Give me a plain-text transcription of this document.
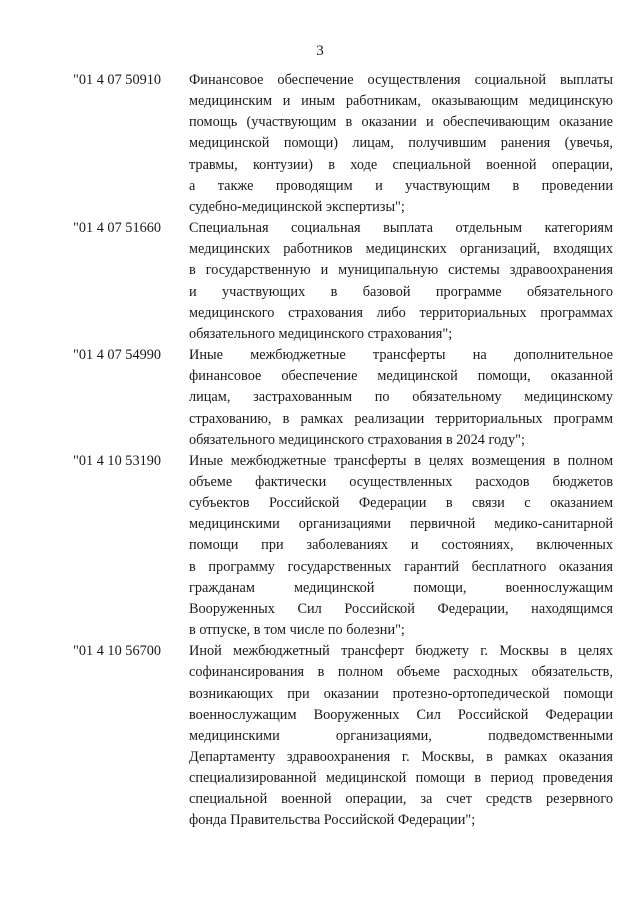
3
"01 4 07 50910 Финансовое обеспечение осуществления социальной выплаты
медицинским и иным работникам, оказывающим медицинскую
помощь (участвующим в оказании и обеспечивающим оказание
медицинской помощи) лицам, получившим ранения (увечья,
травмы, контузии) в ходе специальной военной операции,
а также проводящим и участвующим в проведении
судебно-медицинской экспертизы";
"01 4 07 51660 Специальная социальная выплата отдельным категориям
медицинских работников медицинских организаций, входящих
в государственную и муниципальную системы здравоохранения
и участвующих в базовой программе обязательного
медицинского страхования либо территориальных программах
обязательного медицинского страхования";
"01 4 07 54990 Иные межбюджетные трансферты на дополнительное
финансовое обеспечение медицинской помощи, оказанной
лицам, застрахованным по обязательному медицинскому
страхованию, в рамках реализации территориальных программ
обязательного медицинского страхования в 2024 году";
"01 4 10 53190 Иные межбюджетные трансферты в целях возмещения в полном
объеме фактически осуществленных расходов бюджетов
субъектов Российской Федерации в связи с оказанием
медицинскими организациями первичной медико-санитарной
помощи при заболеваниях и состояниях, включенных
в программу государственных гарантий бесплатного оказания
гражданам медицинской помощи, военнослужащим
Вооруженных Сил Российской Федерации, находящимся
в отпуске, в том числе по болезни";
"01 4 10 56700 Иной межбюджетный трансферт бюджету г. Москвы в целях
софинансирования в полном объеме расходных обязательств,
возникающих при оказании протезно-ортопедической помощи
военнослужащим Вооруженных Сил Российской Федерации
медицинскими организациями, подведомственными
Департаменту здравоохранения г. Москвы, в рамках оказания
специализированной медицинской помощи в период проведения
специальной военной операции, за счет средств резервного
фонда Правительства Российской Федерации";
